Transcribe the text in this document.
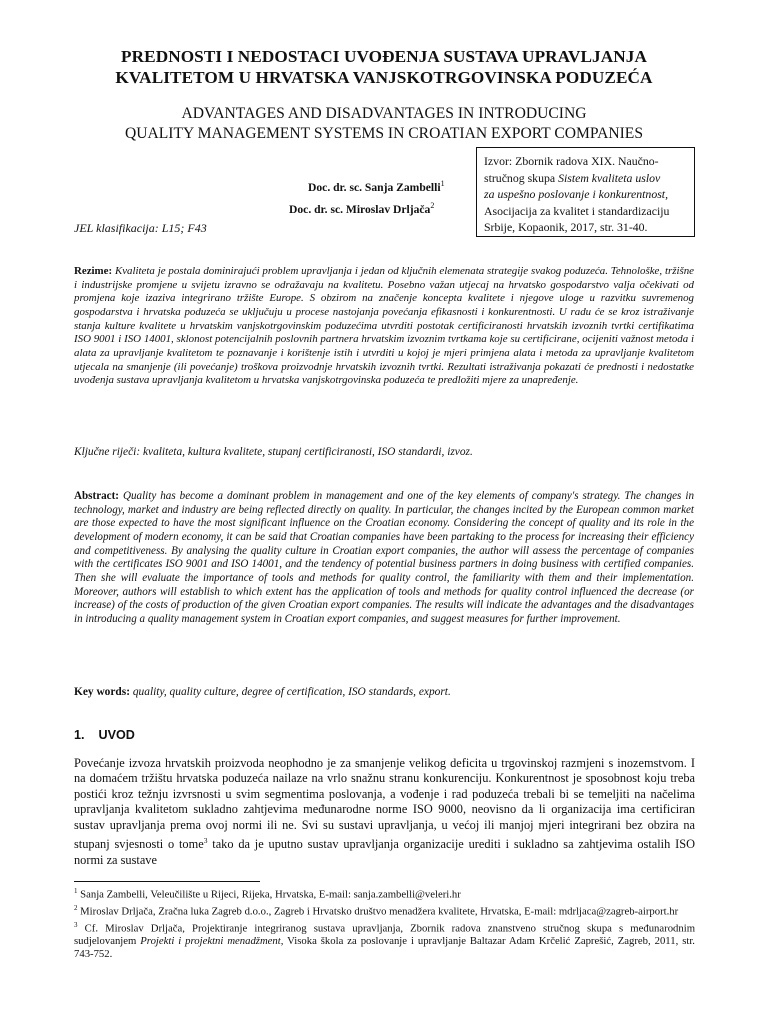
PREDNOSTI I NEDOSTACI UVOĐENJA SUSTAVA UPRAVLJANJA
KVALITETOM U HRVATSKA VANJSKOTRGOVINSKA PODUZEĆA
ADVANTAGES AND DISADVANTAGES IN INTRODUCING
QUALITY MANAGEMENT SYSTEMS IN CROATIAN EXPORT COMPANIES
Doc. dr. sc. Sanja Zambelli$^1$
Doc. dr. sc. Miroslav Drljača$^2$
JEL klasifikacija: L15; F43
Izvor: Zbornik radova XIX. Naučno-
stručnog skupa Sistem kvaliteta uslov
za uspešno poslovanje i konkurentnost,
Asocijacija za kvalitet i standardizaciju
Srbije, Kopaonik, 2017, str. 31-40.
Rezime: Kvaliteta je postala dominirajući problem upravljanja i jedan od ključnih elemenata strategije svakog poduzeća. Tehnološke, tržišne i industrijske promjene u svijetu izravno se odražavaju na kvalitetu. Posebno važan utjecaj na hrvatsko gospodarstvo valja očekivati od promjena koje izaziva integrirano tržište Europe. S obzirom na značenje koncepta kvalitete i njegove uloge u razvitku suvremenog gospodarstva i hrvatska poduzeća se uključuju u procese nastojanja povećanja efikasnosti i konkurentnosti. U radu će se kroz istraživanje stanja kulture kvalitete u hrvatskim vanjskotrgovinskim poduzećima utvrditi postotak certificiranosti hrvatskih izvoznih tvrtki certifikatima ISO 9001 i ISO 14001, sklonost potencijalnih poslovnih partnera hrvatskim izvoznim tvrtkama koje su certificirane, ocijeniti važnost metoda i alata za upravljanje kvalitetom te poznavanje i korištenje istih i utvrditi u kojoj je mjeri primjena alata i metoda za upravljanje kvalitetom utjecala na smanjenje (ili povećanje) troškova proizvodnje hrvatskih izvoznih tvrtki. Rezultati istraživanja pokazati će prednosti i nedostatke uvođenja sustava upravljanja kvalitetom u hrvatska vanjskotrgovinska poduzeća te predložiti mjere za unapređenje.
Ključne riječi: kvaliteta, kultura kvalitete, stupanj certificiranosti, ISO standardi, izvoz.
Abstract: Quality has become a dominant problem in management and one of the key elements of company's strategy. The changes in technology, market and industry are being reflected directly on quality. In particular, the changes incited by the European common market are those expected to have the most significant influence on the Croatian economy. Considering the concept of quality and its role in the development of modern economy, it can be said that Croatian companies have been partaking to the process for increasing their efficiency and competitiveness. By analysing the quality culture in Croatian export companies, the author will assess the percentage of companies with the certificates ISO 9001 and ISO 14001, and the tendency of potential business partners in doing business with certified companies. Then she will evaluate the importance of tools and methods for quality control, the familiarity with them and their implementation. Moreover, authors will establish to which extent has the application of tools and methods for quality control influenced the decrease (or increase) of the costs of production of the given Croatian export companies. The results will indicate the advantages and the disadvantages in introducing a quality management system in Croatian export companies, and suggest measures for further improvement.
Key words: quality, quality culture, degree of certification, ISO standards, export.
1. UVOD
Povećanje izvoza hrvatskih proizvoda neophodno je za smanjenje velikog deficita u trgovinskoj razmjeni s inozemstvom. I na domaćem tržištu hrvatska poduzeća nailaze na vrlo snažnu stranu konkurenciju. Konkurentnost je sposobnost koju treba postići kroz težnju izvrsnosti u svim segmentima poslovanja, a vođenje i rad poduzeća trebali bi se temeljiti na načelima upravljanja kvalitetom sukladno zahtjevima međunarodne norme ISO 9000, neovisno da li organizacija ima certificiran sustav upravljanja prema ovoj normi ili ne. Svi su sustavi upravljanja, u većoj ili manjoj mjeri integrirani bez obzira na stupanj svjesnosti o tome$^3$ tako da je uputno sustav upravljanja organizacije urediti i sukladno sa zahtjevima ostalih ISO normi za sustave

$^1$ Sanja Zambelli, Veleučilište u Rijeci, Rijeka, Hrvatska, E-mail: sanja.zambelli@veleri.hr

$^2$ Miroslav Drljača, Zračna luka Zagreb d.o.o., Zagreb i Hrvatsko društvo menadžera kvalitete, Hrvatska, E-mail: mdrljaca@zagreb-airport.hr

$^3$ Cf. Miroslav Drljača, Projektiranje integriranog sustava upravljanja, Zbornik radova znanstveno stručnog skupa s međunarodnim sudjelovanjem Projekti i projektni menadžment, Visoka škola za poslovanje i upravljanje Baltazar Adam Krčelić Zaprešić, Zagreb, 2011, str. 743-752.
